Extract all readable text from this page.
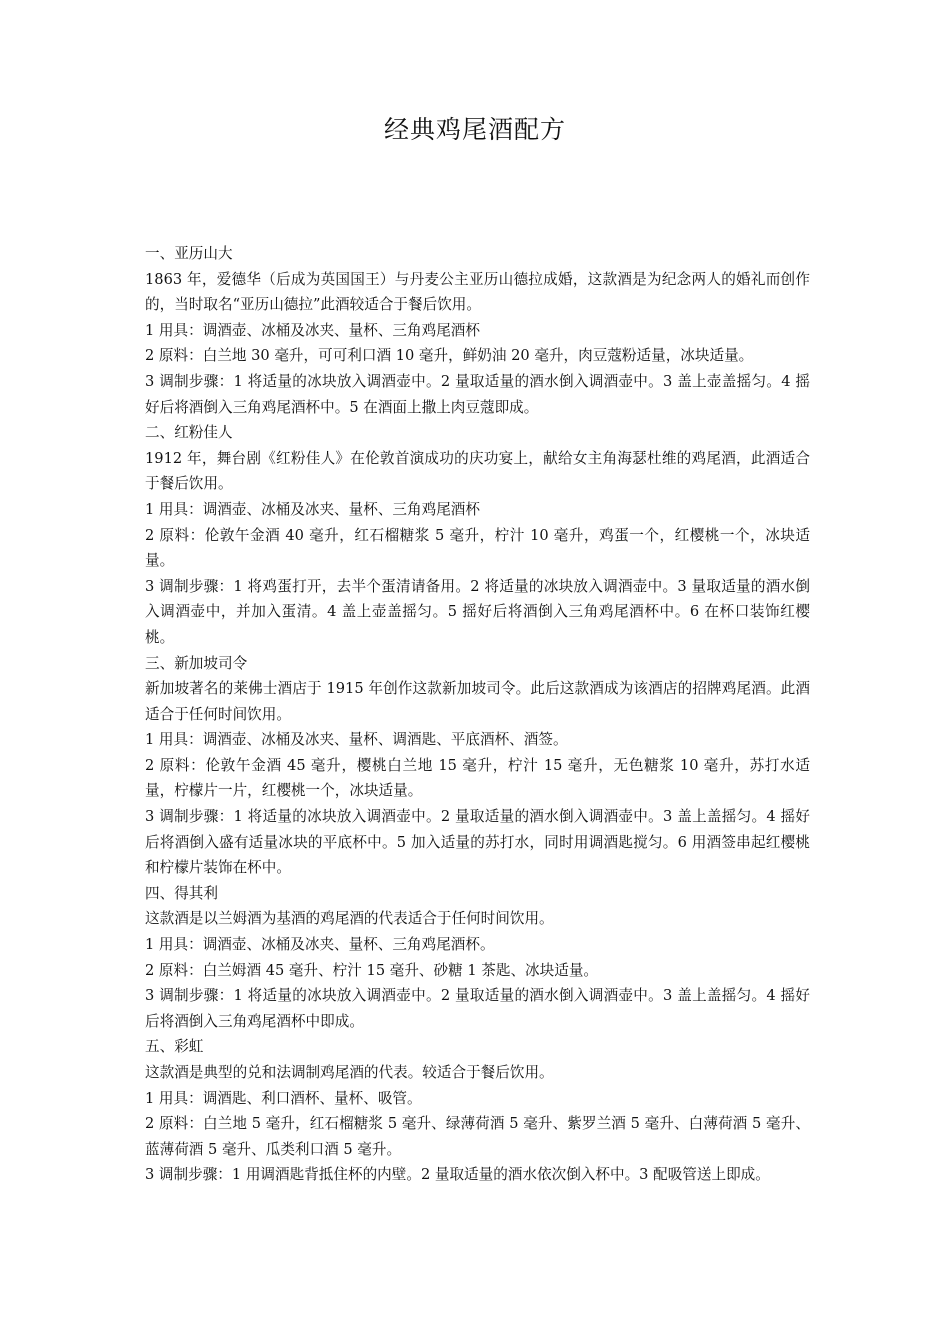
经典鸡尾酒配方

一、亚历山大

1863 年，爱德华（后成为英国国王）与丹麦公主亚历山德拉成婚，这款酒是为纪念两人的婚礼而创作的，当时取名“亚历山德拉”此酒较适合于餐后饮用。

1 用具：调酒壶、冰桶及冰夹、量杯、三角鸡尾酒杯

2 原料：白兰地 30 毫升，可可利口酒 10 毫升，鲜奶油 20 毫升，肉豆蔻粉适量，冰块适量。

3 调制步骤：1 将适量的冰块放入调酒壶中。2 量取适量的酒水倒入调酒壶中。3 盖上壶盖摇匀。4 摇好后将酒倒入三角鸡尾酒杯中。5 在酒面上撒上肉豆蔻即成。

二、红粉佳人

1912 年，舞台剧《红粉佳人》在伦敦首演成功的庆功宴上，献给女主角海瑟杜维的鸡尾酒，此酒适合于餐后饮用。

1 用具：调酒壶、冰桶及冰夹、量杯、三角鸡尾酒杯

2 原料：伦敦午金酒 40 毫升，红石榴糖浆 5 毫升，柠汁 10 毫升，鸡蛋一个，红樱桃一个，冰块适量。

3 调制步骤：1 将鸡蛋打开，去半个蛋清请备用。2 将适量的冰块放入调酒壶中。3 量取适量的酒水倒入调酒壶中，并加入蛋清。4 盖上壶盖摇匀。5 摇好后将酒倒入三角鸡尾酒杯中。6 在杯口装饰红樱桃。

三、新加坡司令

新加坡著名的莱佛士酒店于 1915 年创作这款新加坡司令。此后这款酒成为该酒店的招牌鸡尾酒。此酒适合于任何时间饮用。

1 用具：调酒壶、冰桶及冰夹、量杯、调酒匙、平底酒杯、酒签。

2 原料：伦敦午金酒 45 毫升，樱桃白兰地 15 毫升，柠汁 15 毫升，无色糖浆 10 毫升，苏打水适量，柠檬片一片，红樱桃一个，冰块适量。

3 调制步骤：1 将适量的冰块放入调酒壶中。2 量取适量的酒水倒入调酒壶中。3 盖上盖摇匀。4 摇好后将酒倒入盛有适量冰块的平底杯中。5 加入适量的苏打水，同时用调酒匙搅匀。6 用酒签串起红樱桃和柠檬片装饰在杯中。

四、得其利

这款酒是以兰姆酒为基酒的鸡尾酒的代表适合于任何时间饮用。

1 用具：调酒壶、冰桶及冰夹、量杯、三角鸡尾酒杯。

2 原料：白兰姆酒 45 毫升、柠汁 15 毫升、砂糖 1 茶匙、冰块适量。

3 调制步骤：1 将适量的冰块放入调酒壶中。2 量取适量的酒水倒入调酒壶中。3 盖上盖摇匀。4 摇好后将酒倒入三角鸡尾酒杯中即成。

五、彩虹

这款酒是典型的兑和法调制鸡尾酒的代表。较适合于餐后饮用。

1 用具：调酒匙、利口酒杯、量杯、吸管。

2 原料：白兰地 5 毫升，红石榴糖浆 5 毫升、绿薄荷酒 5 毫升、紫罗兰酒 5 毫升、白薄荷酒 5 毫升、蓝薄荷酒 5 毫升、瓜类利口酒 5 毫升。

3 调制步骤：1 用调酒匙背抵住杯的内壁。2 量取适量的酒水依次倒入杯中。3 配吸管送上即成。
